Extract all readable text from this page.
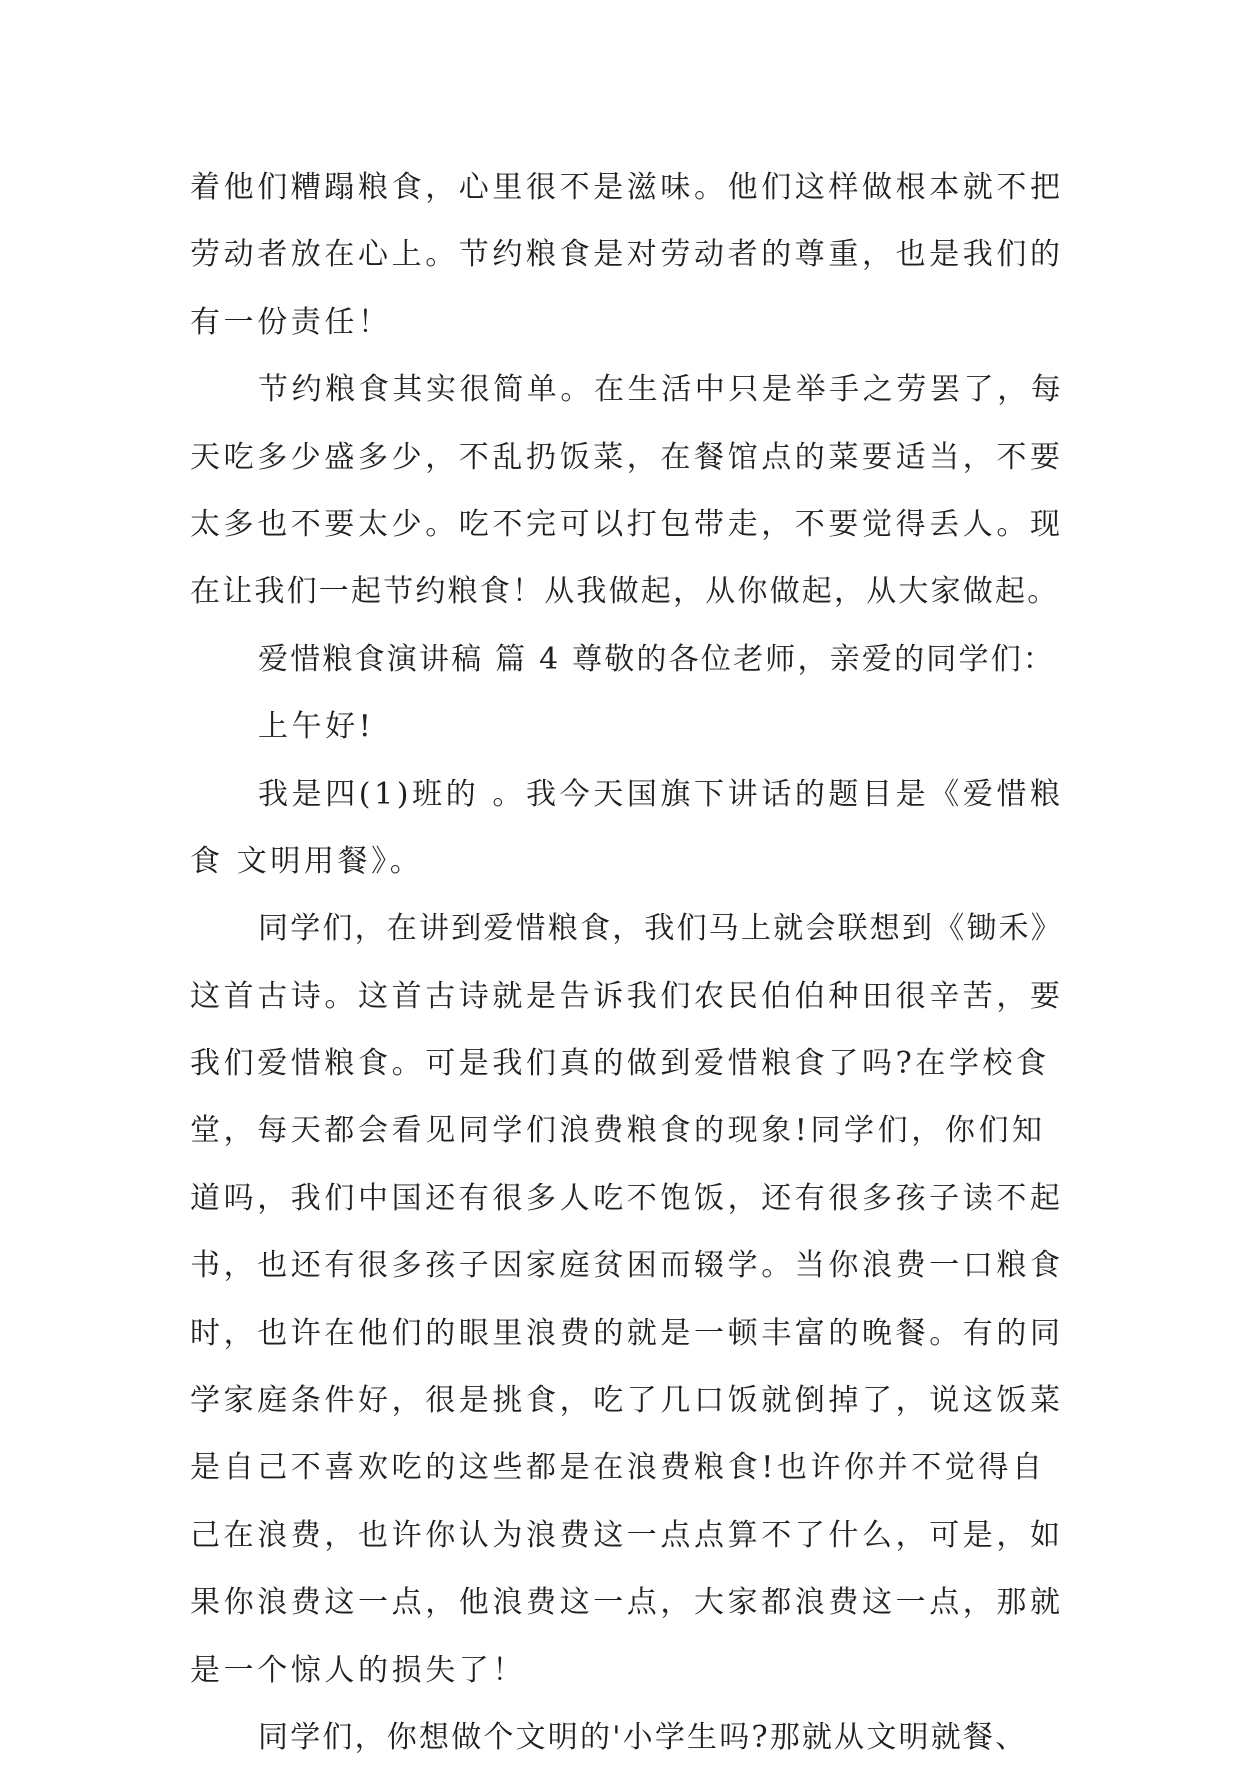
着他们糟蹋粮食，心里很不是滋味。他们这样做根本就不把
劳动者放在心上。节约粮食是对劳动者的尊重，也是我们的
有一份责任！
节约粮食其实很简单。在生活中只是举手之劳罢了，每
天吃多少盛多少，不乱扔饭菜，在餐馆点的菜要适当，不要
太多也不要太少。吃不完可以打包带走，不要觉得丢人。现
在让我们一起节约粮食！从我做起，从你做起，从大家做起。
爱惜粮食演讲稿 篇 4 尊敬的各位老师，亲爱的同学们：
上午好!
我是四(1)班的 。我今天国旗下讲话的题目是《爱惜粮
食 文明用餐》。
同学们，在讲到爱惜粮食，我们马上就会联想到《锄禾》
这首古诗。这首古诗就是告诉我们农民伯伯种田很辛苦，要
我们爱惜粮食。可是我们真的做到爱惜粮食了吗?在学校食
堂，每天都会看见同学们浪费粮食的现象!同学们，你们知
道吗，我们中国还有很多人吃不饱饭，还有很多孩子读不起
书，也还有很多孩子因家庭贫困而辍学。当你浪费一口粮食
时，也许在他们的眼里浪费的就是一顿丰富的晚餐。有的同
学家庭条件好，很是挑食，吃了几口饭就倒掉了，说这饭菜
是自己不喜欢吃的这些都是在浪费粮食!也许你并不觉得自
己在浪费，也许你认为浪费这一点点算不了什么，可是，如
果你浪费这一点，他浪费这一点，大家都浪费这一点，那就
是一个惊人的损失了！
同学们，你想做个文明的'小学生吗?那就从文明就餐、
